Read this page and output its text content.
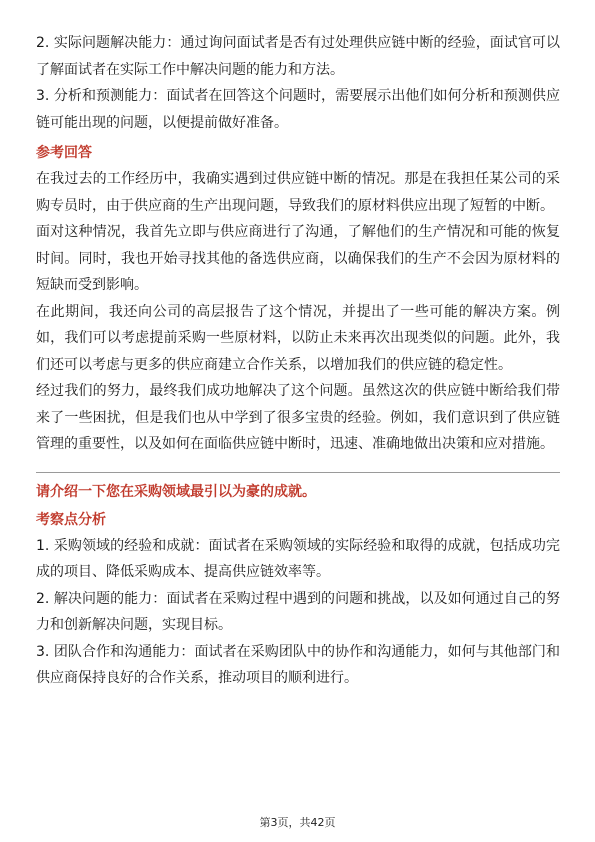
2. 实际问题解决能力：通过询问面试者是否有过处理供应链中断的经验，面试官可以了解面试者在实际工作中解决问题的能力和方法。

3. 分析和预测能力：面试者在回答这个问题时，需要展示出他们如何分析和预测供应链可能出现的问题，以便提前做好准备。

参考回答

在我过去的工作经历中，我确实遇到过供应链中断的情况。那是在我担任某公司的采购专员时，由于供应商的生产出现问题，导致我们的原材料供应出现了短暂的中断。

面对这种情况，我首先立即与供应商进行了沟通，了解他们的生产情况和可能的恢复时间。同时，我也开始寻找其他的备选供应商，以确保我们的生产不会因为原材料的短缺而受到影响。

在此期间，我还向公司的高层报告了这个情况，并提出了一些可能的解决方案。例如，我们可以考虑提前采购一些原材料，以防止未来再次出现类似的问题。此外，我们还可以考虑与更多的供应商建立合作关系，以增加我们的供应链的稳定性。

经过我们的努力，最终我们成功地解决了这个问题。虽然这次的供应链中断给我们带来了一些困扰，但是我们也从中学到了很多宝贵的经验。例如，我们意识到了供应链管理的重要性，以及如何在面临供应链中断时，迅速、准确地做出决策和应对措施。

请介绍一下您在采购领域最引以为豪的成就。
考察点分析

1. 采购领域的经验和成就：面试者在采购领域的实际经验和取得的成就，包括成功完成的项目、降低采购成本、提高供应链效率等。

2. 解决问题的能力：面试者在采购过程中遇到的问题和挑战，以及如何通过自己的努力和创新解决问题，实现目标。

3. 团队合作和沟通能力：面试者在采购团队中的协作和沟通能力，如何与其他部门和供应商保持良好的合作关系，推动项目的顺利进行。

第3页，共42页
